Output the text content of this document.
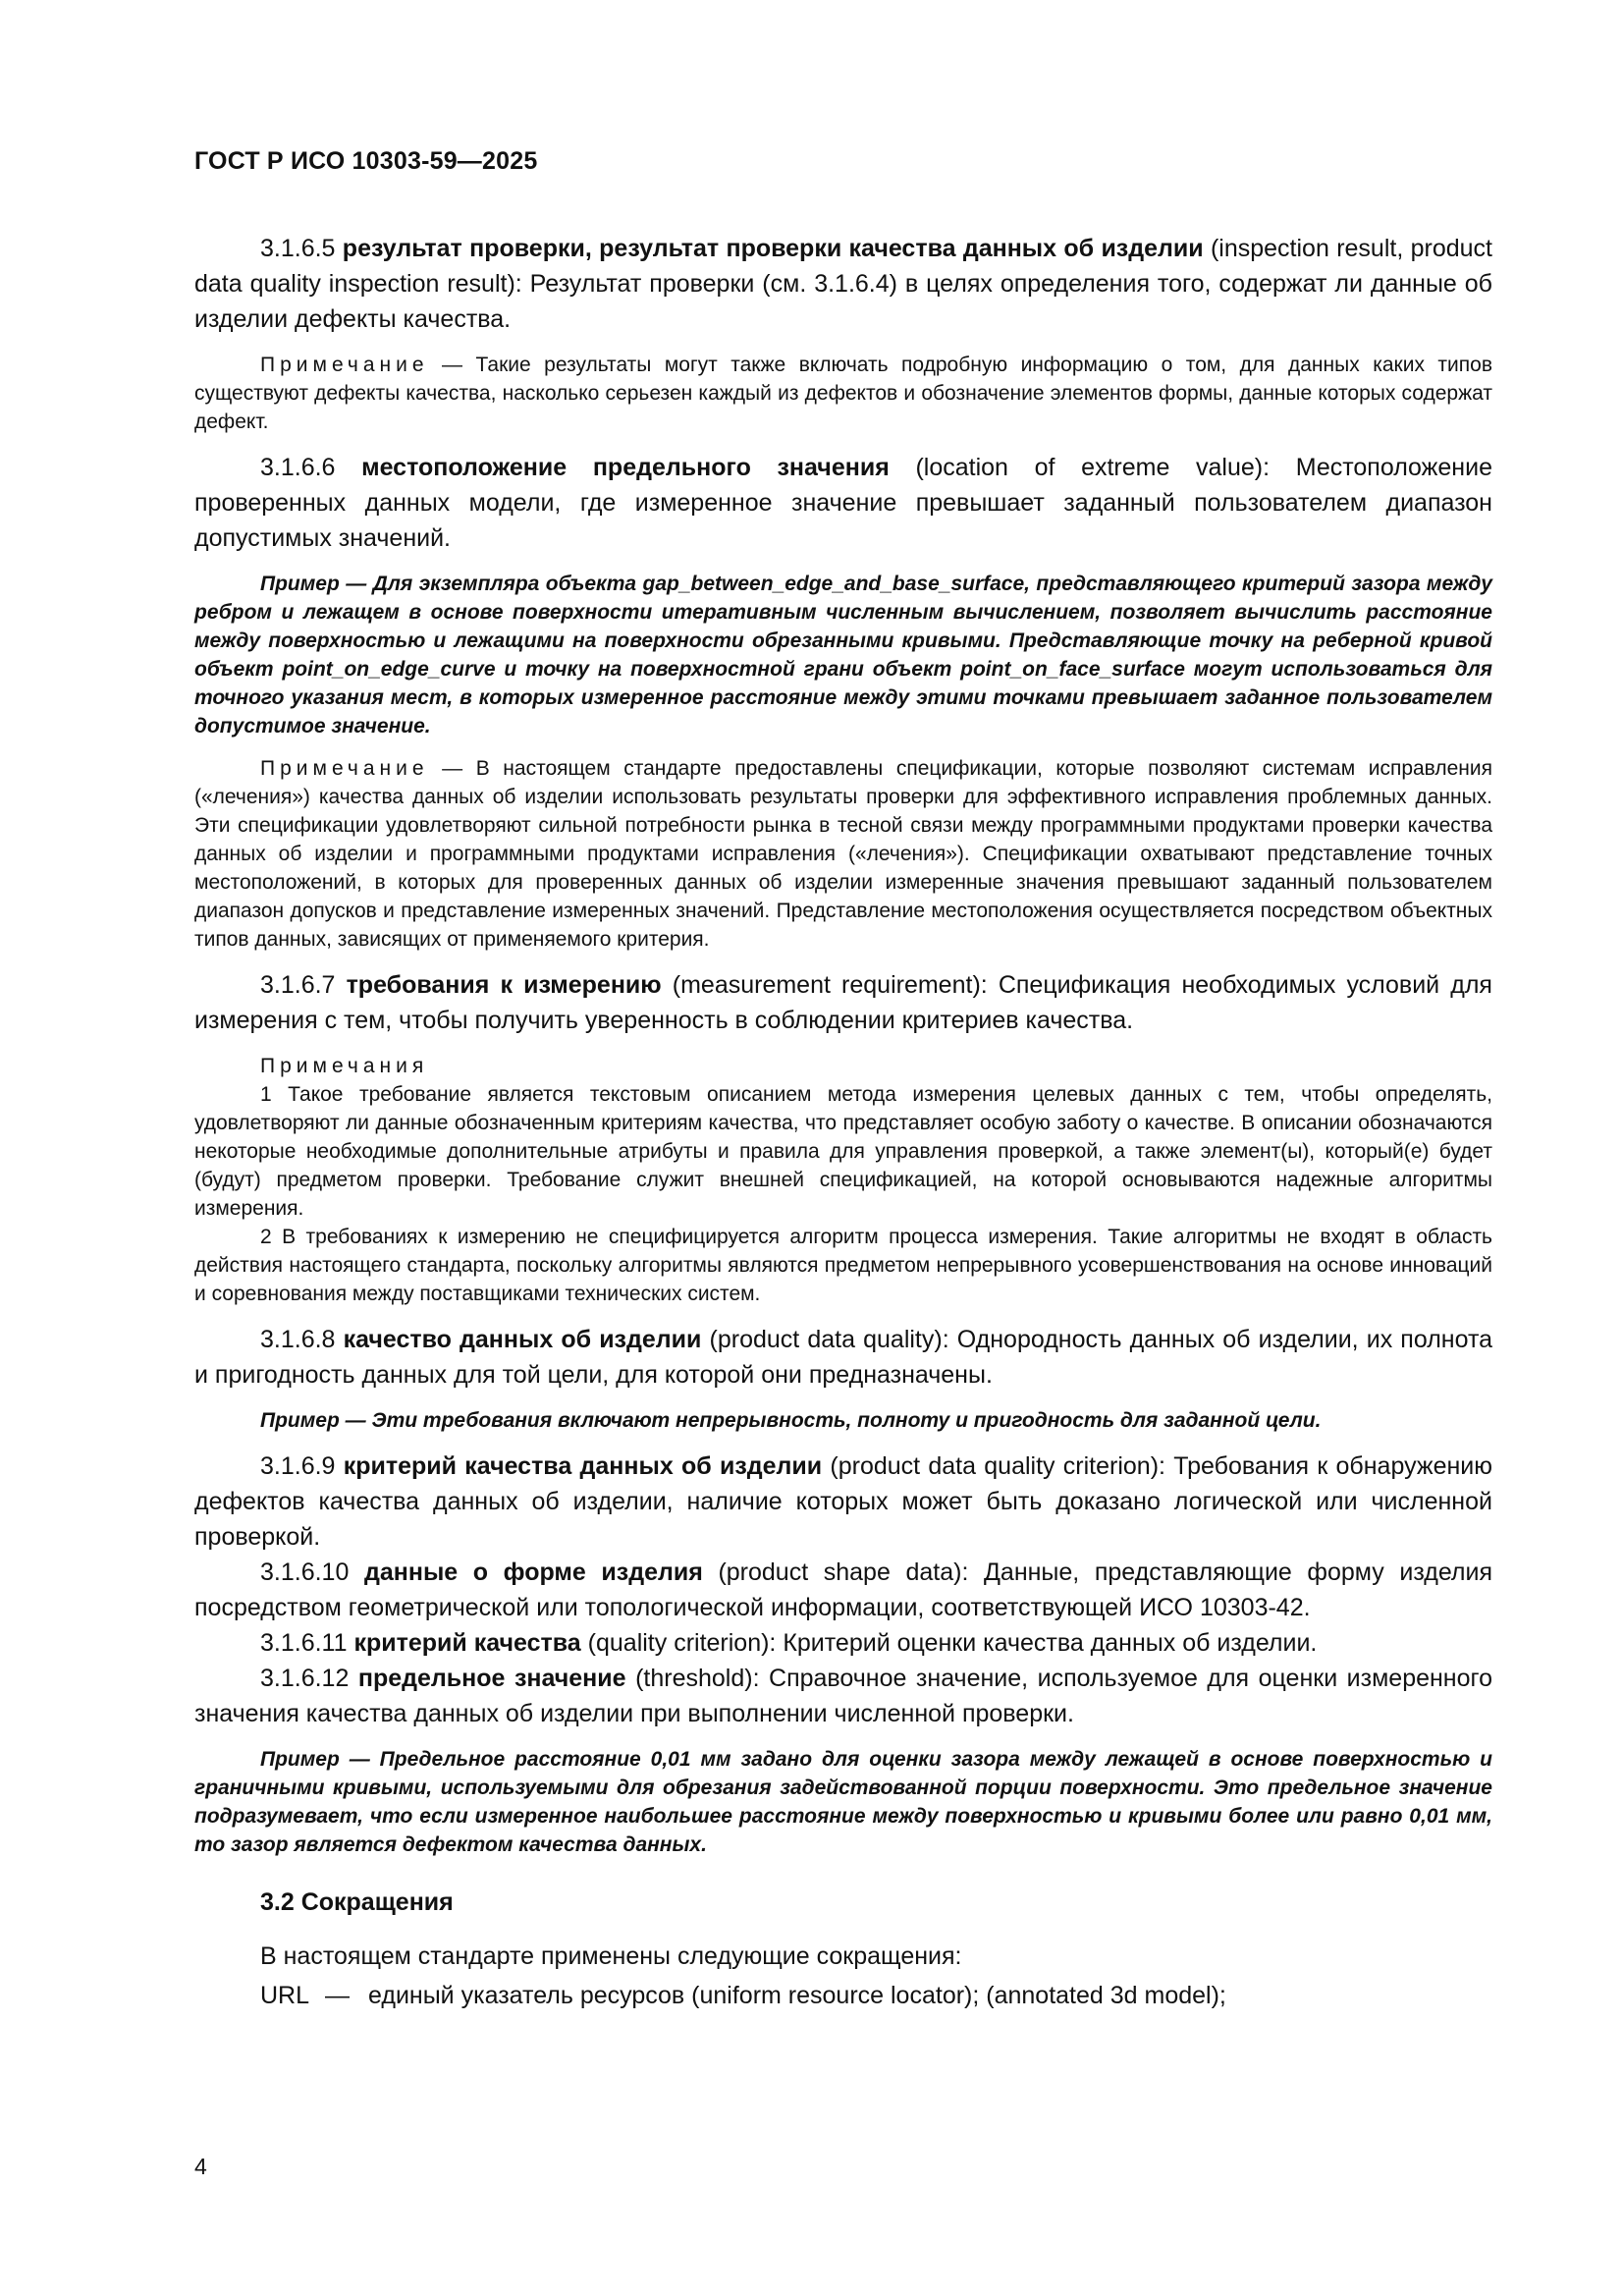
ГОСТ Р ИСО 10303-59—2025

3.1.6.5 результат проверки, результат проверки качества данных об изделии (inspection result, product data quality inspection result): Результат проверки (см. 3.1.6.4) в целях определения того, содержат ли данные об изделии дефекты качества.

Примечание — Такие результаты могут также включать подробную информацию о том, для данных каких типов существуют дефекты качества, насколько серьезен каждый из дефектов и обозначение элементов формы, данные которых содержат дефект.

3.1.6.6 местоположение предельного значения (location of extreme value): Местоположение проверенных данных модели, где измеренное значение превышает заданный пользователем диапазон допустимых значений.

Пример — Для экземпляра объекта gap_between_edge_and_base_surface, представляющего критерий зазора между ребром и лежащем в основе поверхности итеративным численным вычислением, позволяет вычислить расстояние между поверхностью и лежащими на поверхности обрезанными кривыми. Представляющие точку на реберной кривой объект point_on_edge_curve и точку на поверхностной грани объект point_on_face_surface могут использоваться для точного указания мест, в которых измеренное расстояние между этими точками превышает заданное пользователем допустимое значение.

Примечание — В настоящем стандарте предоставлены спецификации, которые позволяют системам исправления («лечения») качества данных об изделии использовать результаты проверки для эффективного исправления проблемных данных. Эти спецификации удовлетворяют сильной потребности рынка в тесной связи между программными продуктами проверки качества данных об изделии и программными продуктами исправления («лечения»). Спецификации охватывают представление точных местоположений, в которых для проверенных данных об изделии измеренные значения превышают заданный пользователем диапазон допусков и представление измеренных значений. Представление местоположения осуществляется посредством объектных типов данных, зависящих от применяемого критерия.

3.1.6.7 требования к измерению (measurement requirement): Спецификация необходимых условий для измерения с тем, чтобы получить уверенность в соблюдении критериев качества.

Примечания
1 Такое требование является текстовым описанием метода измерения целевых данных с тем, чтобы определять, удовлетворяют ли данные обозначенным критериям качества, что представляет особую заботу о качестве. В описании обозначаются некоторые необходимые дополнительные атрибуты и правила для управления проверкой, а также элемент(ы), который(е) будет (будут) предметом проверки. Требование служит внешней спецификацией, на которой основываются надежные алгоритмы измерения.
2 В требованиях к измерению не специфицируется алгоритм процесса измерения. Такие алгоритмы не входят в область действия настоящего стандарта, поскольку алгоритмы являются предметом непрерывного усовершенствования на основе инноваций и соревнования между поставщиками технических систем.

3.1.6.8 качество данных об изделии (product data quality): Однородность данных об изделии, их полнота и пригодность данных для той цели, для которой они предназначены.

Пример — Эти требования включают непрерывность, полноту и пригодность для заданной цели.

3.1.6.9 критерий качества данных об изделии (product data quality criterion): Требования к обнаружению дефектов качества данных об изделии, наличие которых может быть доказано логической или численной проверкой.

3.1.6.10 данные о форме изделия (product shape data): Данные, представляющие форму изделия посредством геометрической или топологической информации, соответствующей ИСО 10303-42.

3.1.6.11 критерий качества (quality criterion): Критерий оценки качества данных об изделии.

3.1.6.12 предельное значение (threshold): Справочное значение, используемое для оценки измеренного значения качества данных об изделии при выполнении численной проверки.

Пример — Предельное расстояние 0,01 мм задано для оценки зазора между лежащей в основе поверхностью и граничными кривыми, используемыми для обрезания задействованной порции поверхности. Это предельное значение подразумевает, что если измеренное наибольшее расстояние между поверхностью и кривыми более или равно 0,01 мм, то зазор является дефектом качества данных.

3.2 Сокращения
В настоящем стандарте применены следующие сокращения:
URL — единый указатель ресурсов (uniform resource locator); (annotated 3d model);
4
